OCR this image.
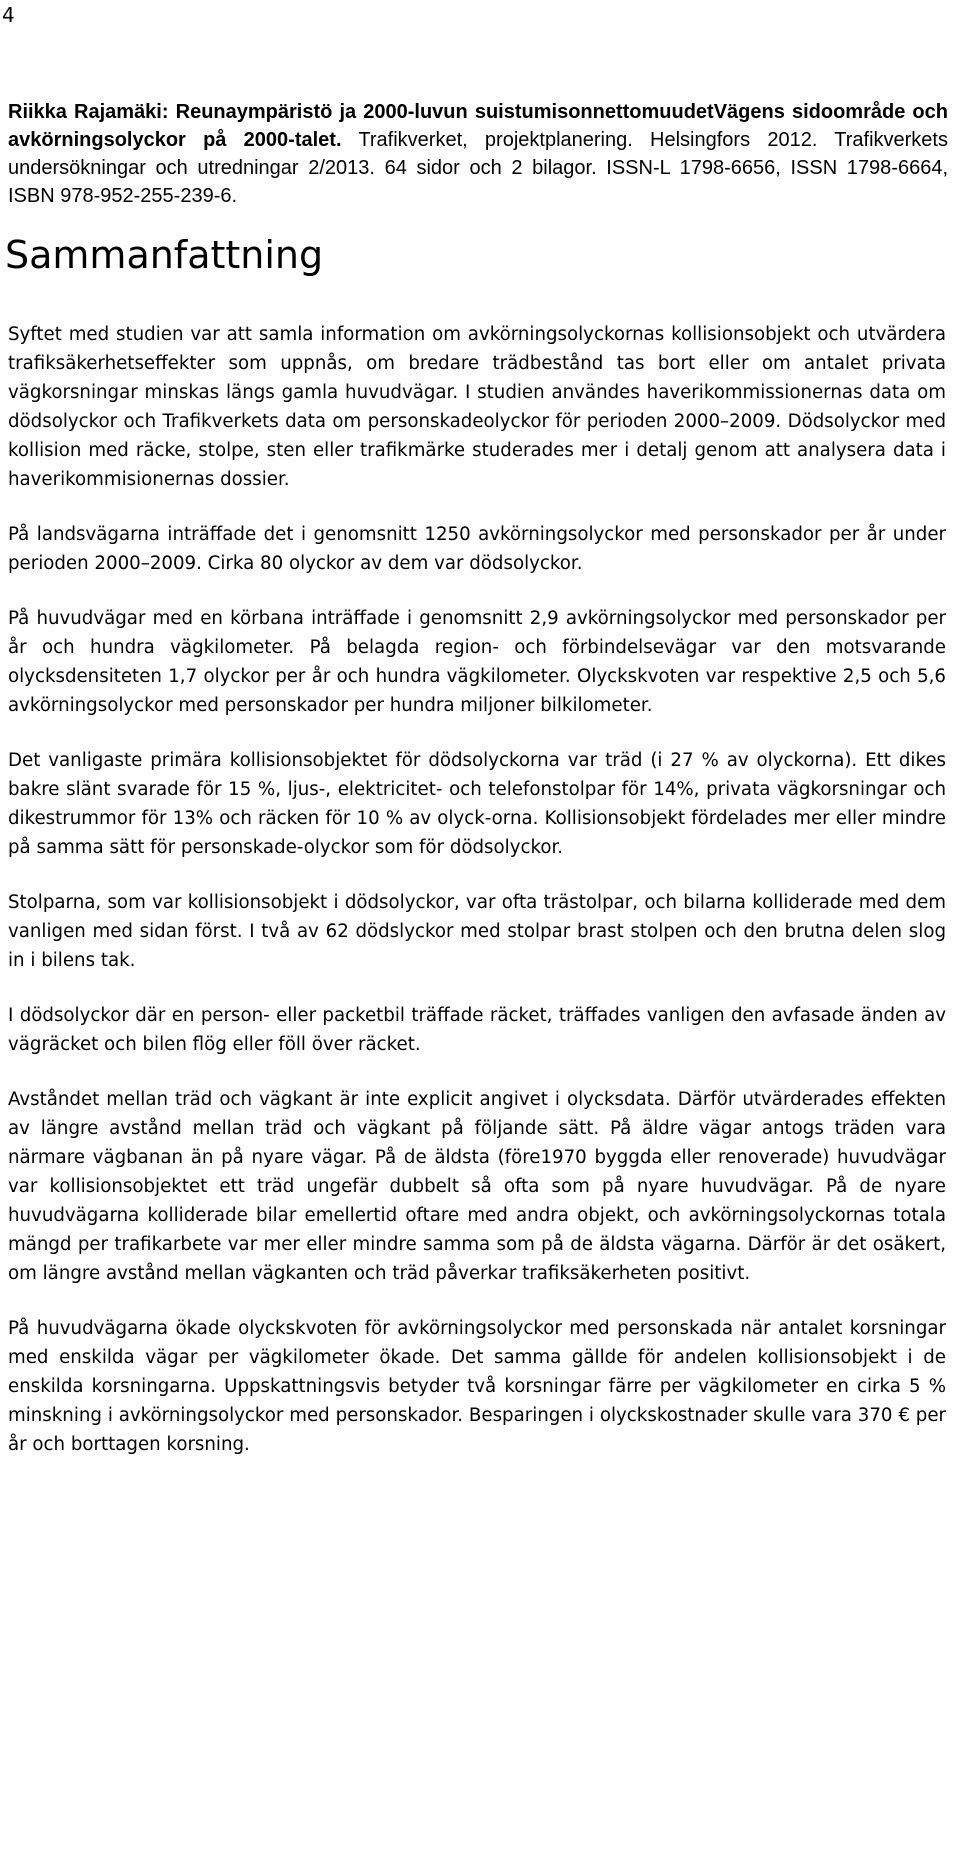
4
Riikka Rajamäki: Reunaympäristö ja 2000-luvun suistumisonnettomuudetVägens sidoområde och avkörningsolyckor på 2000-talet. Trafikverket, projektplanering. Helsingfors 2012. Trafikverkets undersökningar och utredningar 2/2013. 64 sidor och 2 bilagor. ISSN-L 1798-6656, ISSN 1798-6664, ISBN 978-952-255-239-6.
Sammanfattning

Syftet med studien var att samla information om avkörningsolyckornas kollisionsobjekt och utvärdera trafiksäkerhetseffekter som uppnås, om bredare trädbestånd tas bort eller om antalet privata vägkorsningar minskas längs gamla huvudvägar. I studien användes haverikommissionernas data om dödsolyckor och Trafikverkets data om personskadeolyckor för perioden 2000–2009. Dödsolyckor med kollision med räcke, stolpe, sten eller trafikmärke studerades mer i detalj genom att analysera data i haverikommisionernas dossier.

På landsvägarna inträffade det i genomsnitt 1250 avkörningsolyckor med personskador per år under perioden 2000–2009. Cirka 80 olyckor av dem var dödsolyckor.

På huvudvägar med en körbana inträffade i genomsnitt 2,9 avkörningsolyckor med personskador per år och hundra vägkilometer. På belagda region- och förbindelsevägar var den motsvarande olycksdensiteten 1,7 olyckor per år och hundra vägkilometer. Olyckskvoten var respektive 2,5 och 5,6 avkörningsolyckor med personskador per hundra miljoner bilkilometer.

Det vanligaste primära kollisionsobjektet för dödsolyckorna var träd (i 27 % av olyckorna). Ett dikes bakre slänt svarade för 15 %, ljus-, elektricitet- och telefonstolpar för 14%, privata vägkorsningar och dikestrummor för 13% och räcken för 10 % av olyck-orna. Kollisionsobjekt fördelades mer eller mindre på samma sätt för personskade-olyckor som för dödsolyckor.

Stolparna, som var kollisionsobjekt i dödsolyckor, var ofta trästolpar, och bilarna kolliderade med dem vanligen med sidan först. I två av 62 dödslyckor med stolpar brast stolpen och den brutna delen slog in i bilens tak.

I dödsolyckor där en person- eller packetbil träffade räcket, träffades vanligen den avfasade änden av vägräcket och bilen flög eller föll över räcket.

Avståndet mellan träd och vägkant är inte explicit angivet i olycksdata. Därför utvärderades effekten av längre avstånd mellan träd och vägkant på följande sätt. På äldre vägar antogs träden vara närmare vägbanan än på nyare vägar. På de äldsta (före1970 byggda eller renoverade) huvudvägar var kollisionsobjektet ett träd ungefär dubbelt så ofta som på nyare huvudvägar. På de nyare huvudvägarna kolliderade bilar emellertid oftare med andra objekt, och avkörningsolyckornas totala mängd per trafikarbete var mer eller mindre samma som på de äldsta vägarna. Därför är det osäkert, om längre avstånd mellan vägkanten och träd påverkar trafiksäkerheten positivt.

På huvudvägarna ökade olyckskvoten för avkörningsolyckor med personskada när antalet korsningar med enskilda vägar per vägkilometer ökade. Det samma gällde för andelen kollisionsobjekt i de enskilda korsningarna. Uppskattningsvis betyder två korsningar färre per vägkilometer en cirka 5 % minskning i avkörningsolyckor med personskador. Besparingen i olyckskostnader skulle vara 370 € per år och borttagen korsning.
